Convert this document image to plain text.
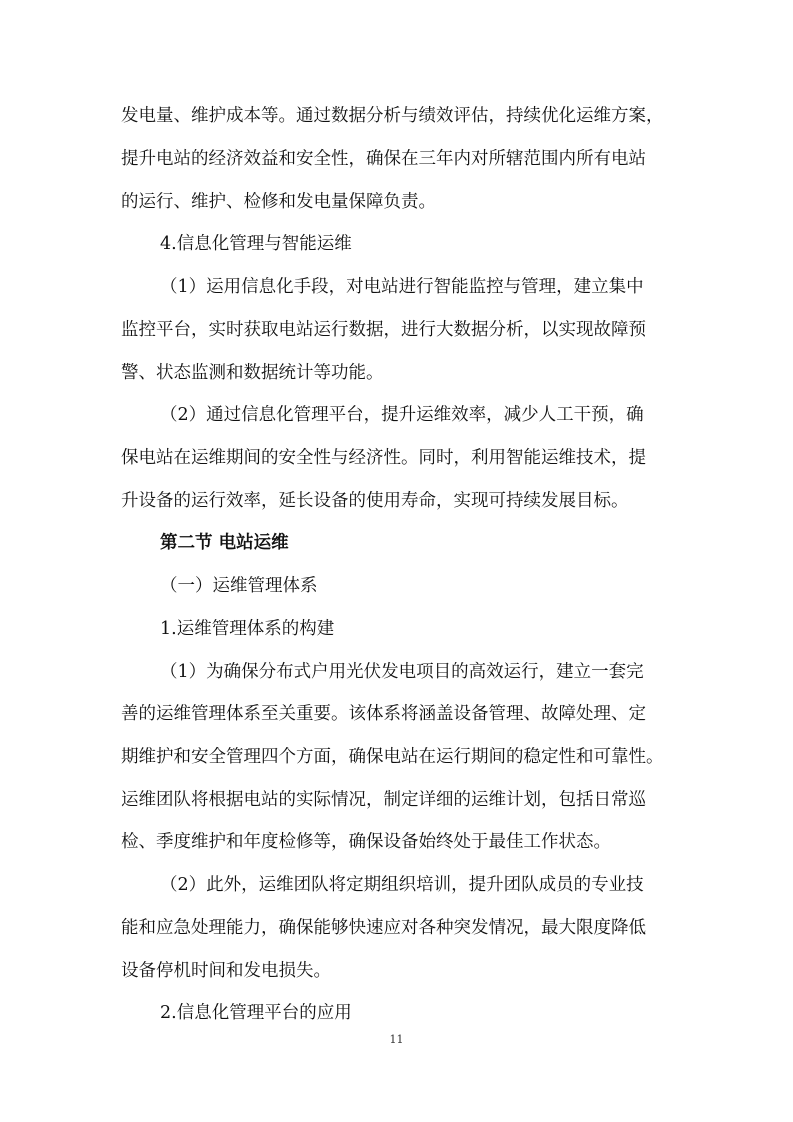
发电量、维护成本等。通过数据分析与绩效评估，持续优化运维方案，
提升电站的经济效益和安全性，确保在三年内对所辖范围内所有电站
的运行、维护、检修和发电量保障负责。
4.信息化管理与智能运维
（1）运用信息化手段，对电站进行智能监控与管理，建立集中
监控平台，实时获取电站运行数据，进行大数据分析，以实现故障预
警、状态监测和数据统计等功能。
（2）通过信息化管理平台，提升运维效率，减少人工干预，确
保电站在运维期间的安全性与经济性。同时，利用智能运维技术，提
升设备的运行效率，延长设备的使用寿命，实现可持续发展目标。
第二节 电站运维
（一）运维管理体系
1.运维管理体系的构建
（1）为确保分布式户用光伏发电项目的高效运行，建立一套完
善的运维管理体系至关重要。该体系将涵盖设备管理、故障处理、定
期维护和安全管理四个方面，确保电站在运行期间的稳定性和可靠性。
运维团队将根据电站的实际情况，制定详细的运维计划，包括日常巡
检、季度维护和年度检修等，确保设备始终处于最佳工作状态。
（2）此外，运维团队将定期组织培训，提升团队成员的专业技
能和应急处理能力，确保能够快速应对各种突发情况，最大限度降低
设备停机时间和发电损失。
2.信息化管理平台的应用
11
